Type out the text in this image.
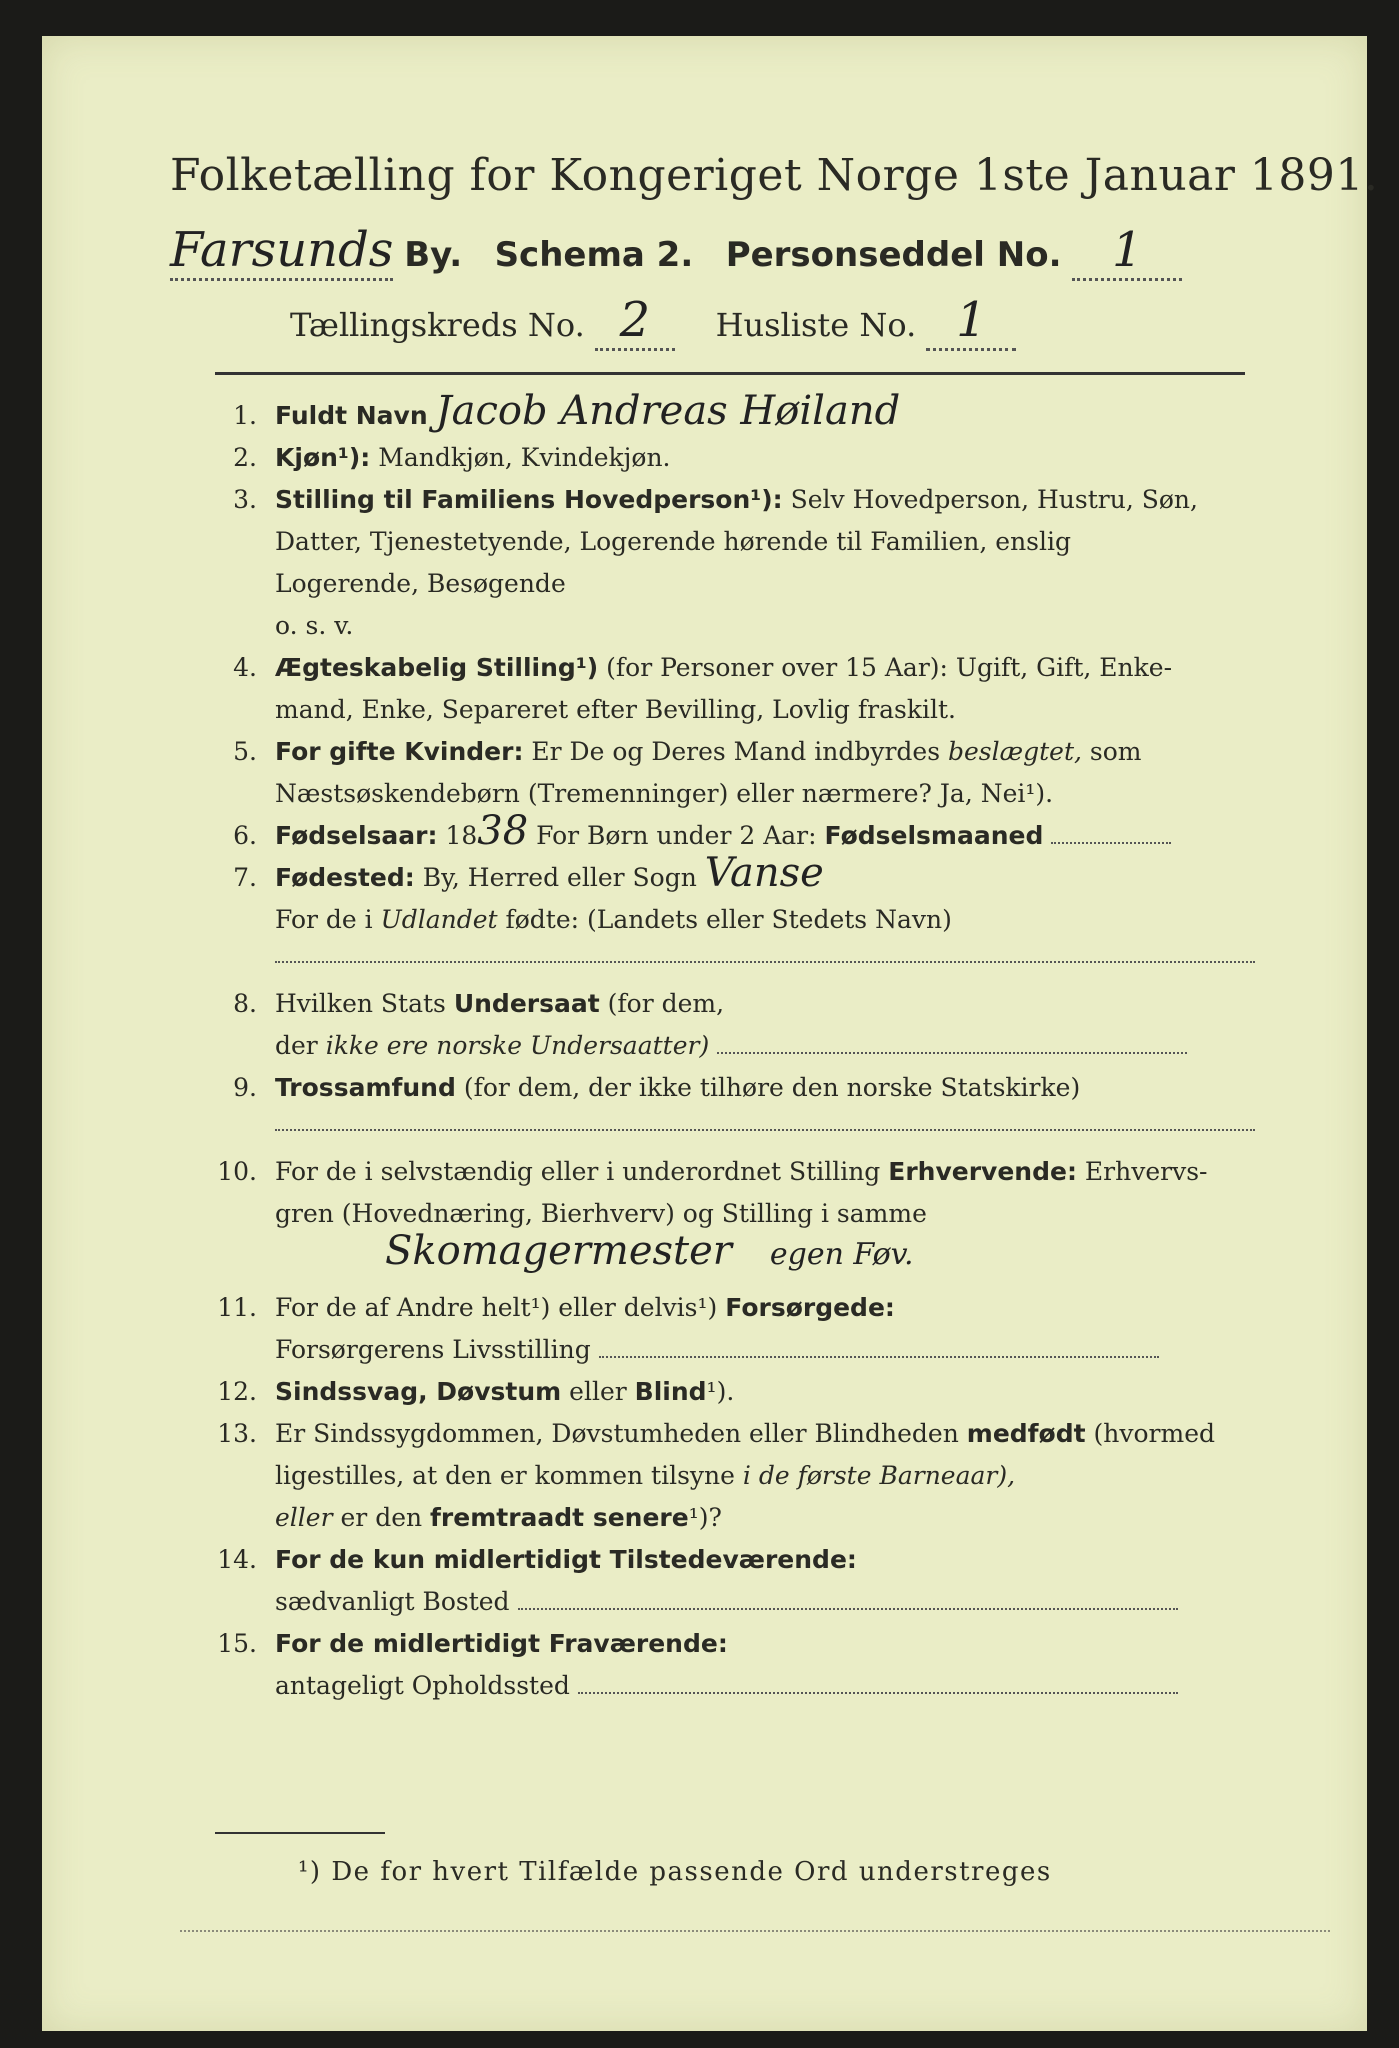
Folketælling for Kongeriget Norge 1ste Januar 1891.
Farsunds By. Schema 2. Personseddel No. 1
Tællingskreds No. 2 Husliste No. 1
1. Fuldt Navn Jacob Andreas Høiland
2. Kjøn¹): Mandkjøn, Kvindekjøn.
3. Stilling til Familiens Hovedperson¹): Selv Hovedperson, Hustru, Søn,
Datter, Tjenestetyende, Logerende hørende til Familien, enslig
Logerende, Besøgende
o. s. v.
4. Ægteskabelig Stilling¹) (for Personer over 15 Aar): Ugift, Gift, Enke-
mand, Enke, Separeret efter Bevilling, Lovlig fraskilt.
5. For gifte Kvinder: Er De og Deres Mand indbyrdes beslægtet, som
Næstsøskendebørn (Tremenninger) eller nærmere? Ja, Nei¹).
6. Fødselsaar: 1838 For Børn under 2 Aar: Fødselsmaaned
7. Fødested: By, Herred eller Sogn Vanse
For de i Udlandet fødte: (Landets eller Stedets Navn)
8. Hvilken Stats Undersaat (for dem,
der ikke ere norske Undersaatter)
9. Trossamfund (for dem, der ikke tilhøre den norske Statskirke)
10. For de i selvstændig eller i underordnet Stilling Erhvervende: Erhvervs-
gren (Hovednæring, Bierhverv) og Stilling i samme
Skomagermester egen Føv.
11. For de af Andre helt¹) eller delvis¹) Forsørgede:
Forsørgerens Livsstilling
12. Sindssvag, Døvstum eller Blind¹).
13. Er Sindssygdommen, Døvstumheden eller Blindheden medfødt (hvormed
ligestilles, at den er kommen tilsyne i de første Barneaar),
eller er den fremtraadt senere¹)?
14. For de kun midlertidigt Tilstedeværende:
sædvanligt Bosted
15. For de midlertidigt Fraværende:
antageligt Opholdssted
¹) De for hvert Tilfælde passende Ord understreges
